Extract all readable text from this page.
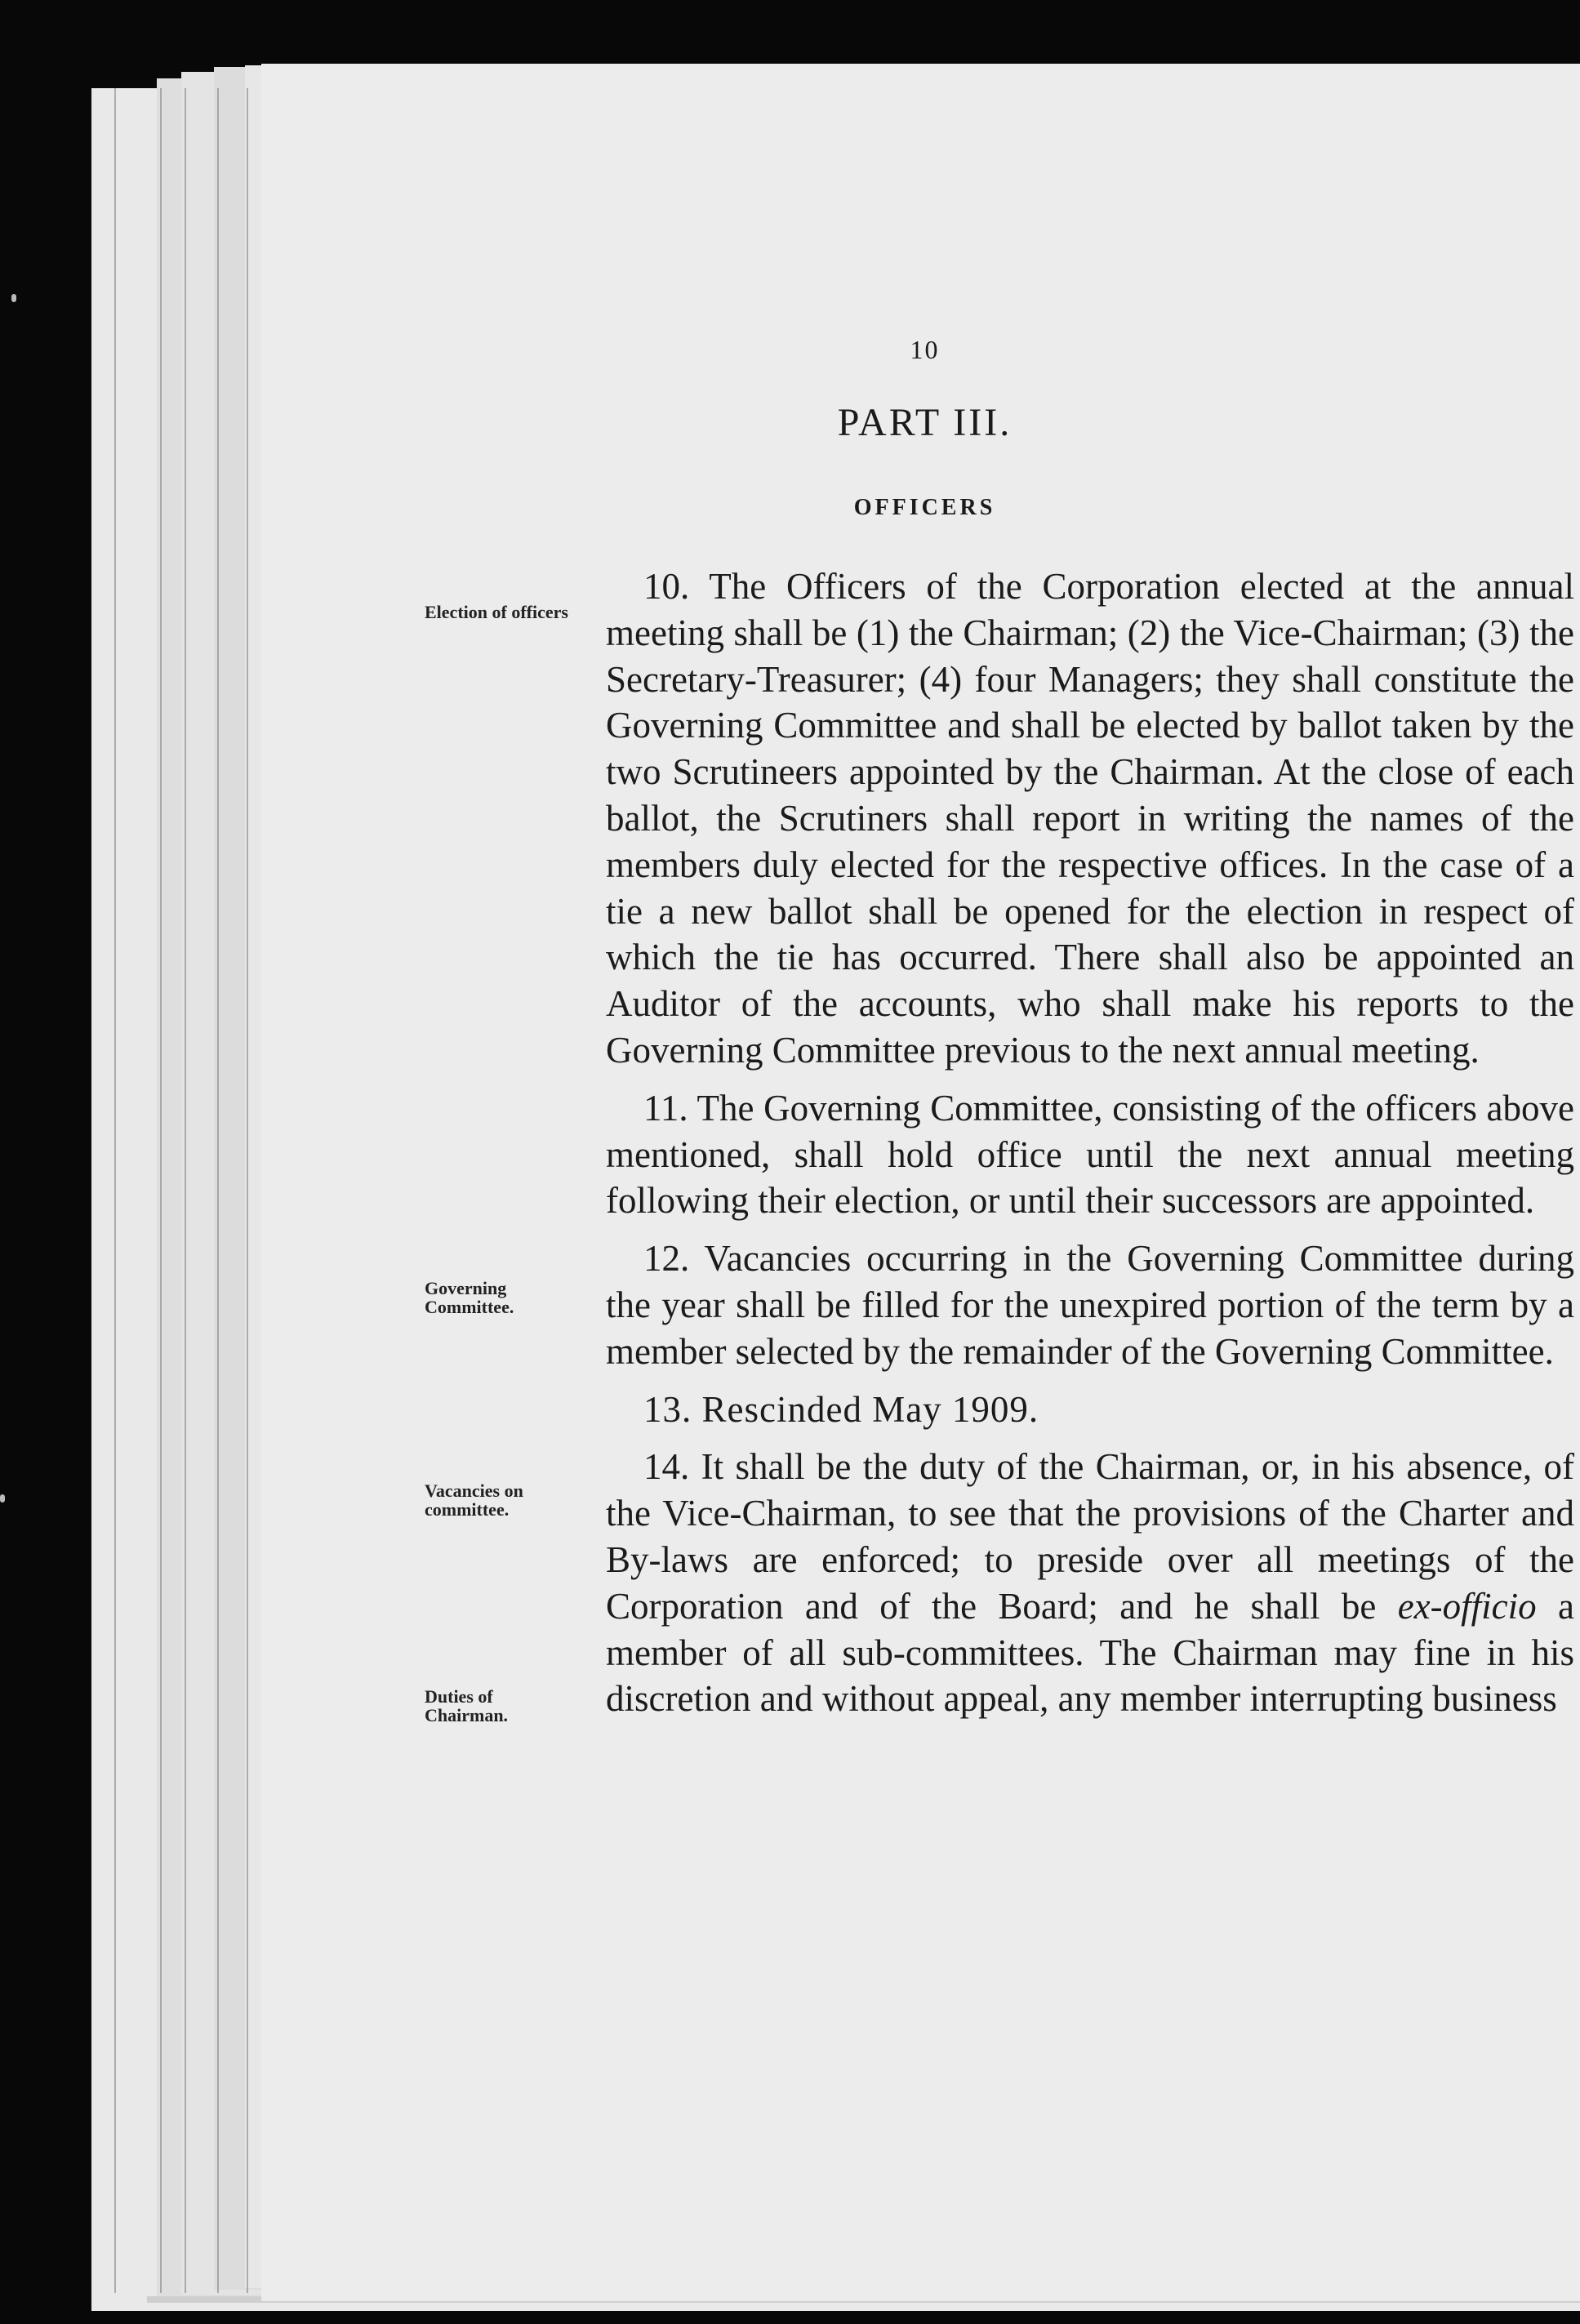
10
PART III.
OFFICERS
Election of officers
Governing Committee.
Vacancies on committee.
Duties of Chairman.

10. The Officers of the Corporation elected at the annual meeting shall be (1) the Chairman; (2) the Vice-Chairman; (3) the Secretary-Treasurer; (4) four Managers; they shall constitute the Governing Committee and shall be elected by ballot taken by the two Scrutineers appointed by the Chairman. At the close of each ballot, the Scrutiners shall report in writing the names of the members duly elected for the respective offices. In the case of a tie a new ballot shall be opened for the election in respect of which the tie has occurred. There shall also be appointed an Auditor of the accounts, who shall make his reports to the Governing Committee previous to the next annual meeting.

11. The Governing Committee, consisting of the officers above mentioned, shall hold office until the next annual meeting following their election, or until their successors are appointed.

12. Vacancies occurring in the Governing Committee during the year shall be filled for the unexpired portion of the term by a member selected by the remainder of the Governing Committee.

13. Rescinded May 1909.

14. It shall be the duty of the Chairman, or, in his absence, of the Vice-Chairman, to see that the provisions of the Charter and By-laws are enforced; to preside over all meetings of the Corporation and of the Board; and he shall be ex-officio a member of all sub-committees. The Chairman may fine in his discretion and without appeal, any member interrupting business
